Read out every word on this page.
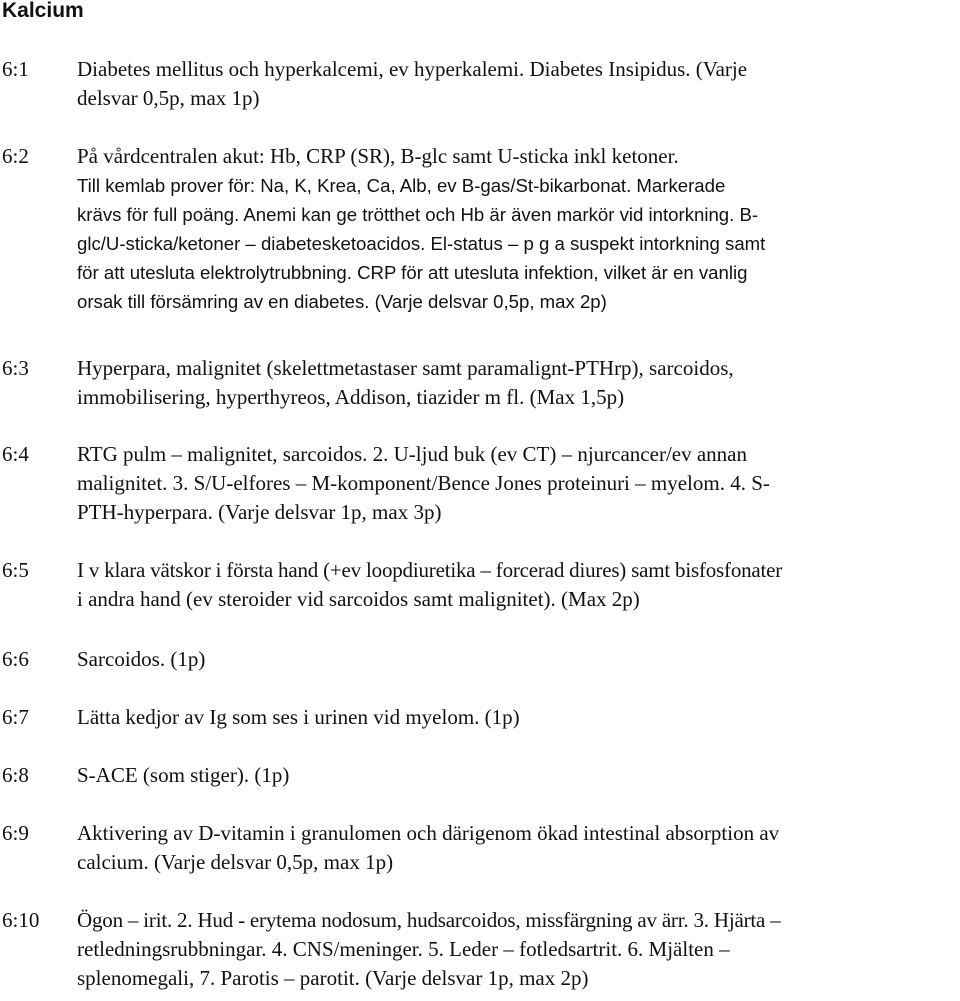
Kalcium
6:1 Diabetes mellitus och hyperkalcemi, ev hyperkalemi. Diabetes Insipidus. (Varje
delsvar 0,5p, max 1p)
6:2 På vårdcentralen akut: Hb, CRP (SR), B-glc samt U-sticka inkl ketoner.
Till kemlab prover för: Na, K, Krea, Ca, Alb, ev B-gas/St-bikarbonat. Markerade
krävs för full poäng. Anemi kan ge trötthet och Hb är även markör vid intorkning. B-
glc/U-sticka/ketoner – diabetesketoacidos. El-status – p g a suspekt intorkning samt
för att utesluta elektrolytrubbning. CRP för att utesluta infektion, vilket är en vanlig
orsak till försämring av en diabetes. (Varje delsvar 0,5p, max 2p)
6:3 Hyperpara, malignitet (skelettmetastaser samt paramalignt-PTHrp), sarcoidos,
immobilisering, hyperthyreos, Addison, tiazider m fl. (Max 1,5p)
6:4 RTG pulm – malignitet, sarcoidos. 2. U-ljud buk (ev CT) – njurcancer/ev annan
malignitet. 3. S/U-elfores – M-komponent/Bence Jones proteinuri – myelom. 4. S-
PTH-hyperpara. (Varje delsvar 1p, max 3p)
6:5 I v klara vätskor i första hand (+ev loopdiuretika – forcerad diures) samt bisfosfonater
i andra hand (ev steroider vid sarcoidos samt malignitet). (Max 2p)
6:6 Sarcoidos. (1p)
6:7 Lätta kedjor av Ig som ses i urinen vid myelom. (1p)
6:8 S-ACE (som stiger). (1p)
6:9 Aktivering av D-vitamin i granulomen och därigenom ökad intestinal absorption av
calcium. (Varje delsvar 0,5p, max 1p)
6:10 Ögon – irit. 2. Hud - erytema nodosum, hudsarcoidos, missfärgning av ärr. 3. Hjärta –
retledningsrubbningar. 4. CNS/meninger. 5. Leder – fotledsartrit. 6. Mjälten –
splenomegali, 7. Parotis – parotit. (Varje delsvar 1p, max 2p)
